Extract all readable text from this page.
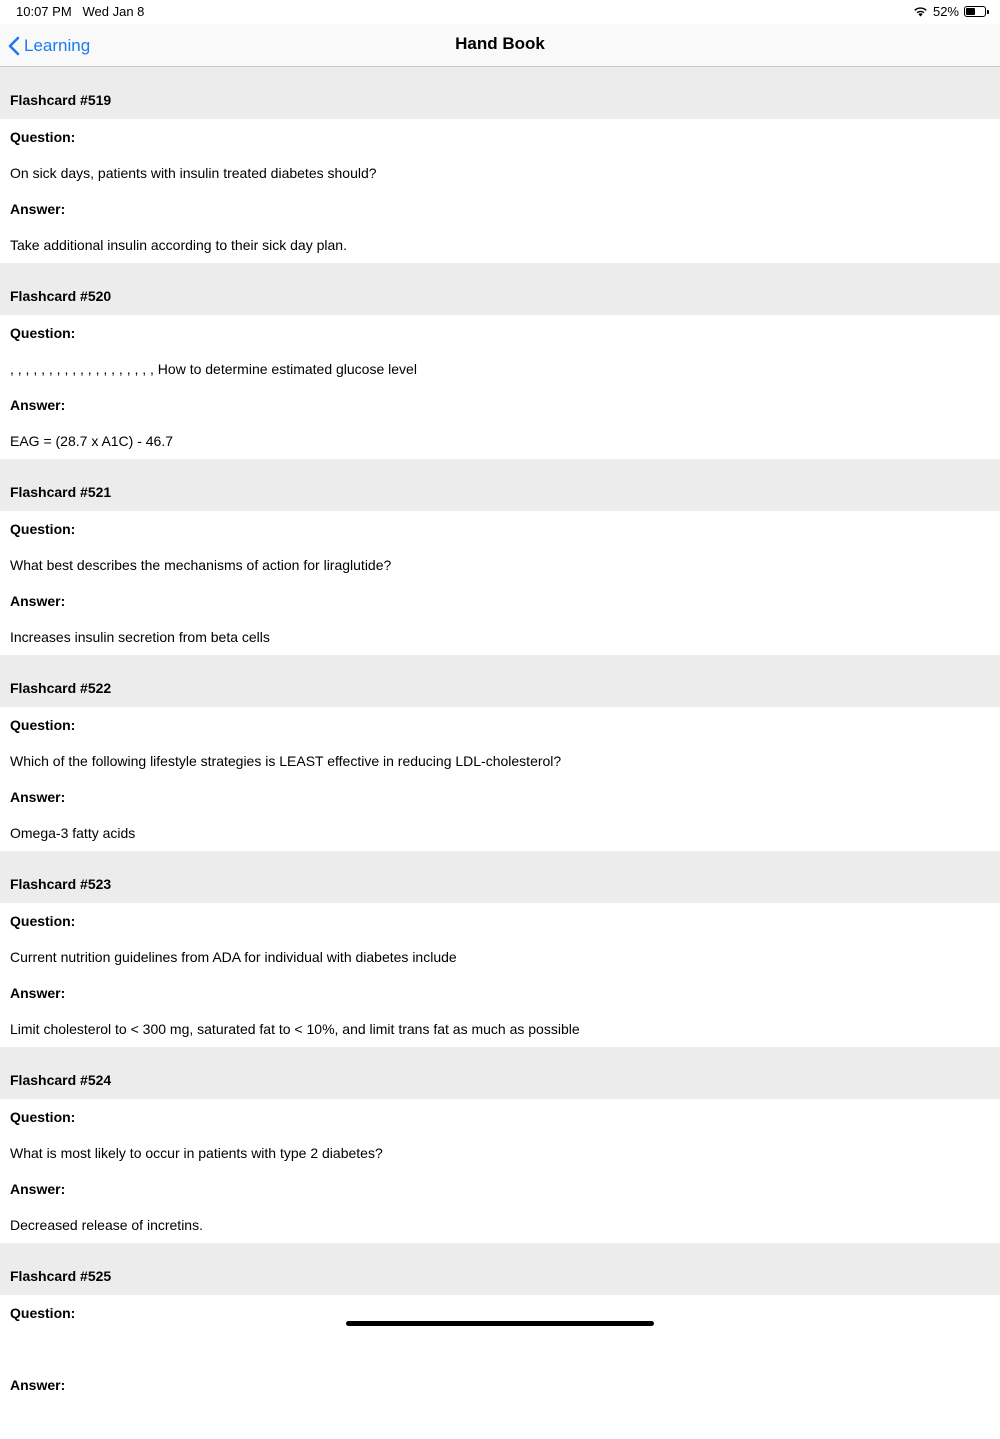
10:07 PM Wed Jan 8	52%
Learning	Hand Book
Flashcard #519
Question:
On sick days, patients with insulin treated diabetes should?
Answer:
Take additional insulin according to their sick day plan.
Flashcard #520
Question:
, , , , , , , , , , , , , , , , , , , How to determine estimated glucose level
Answer:
EAG = (28.7 x A1C) - 46.7
Flashcard #521
Question:
What best describes the mechanisms of action for liraglutide?
Answer:
Increases insulin secretion from beta cells
Flashcard #522
Question:
Which of the following lifestyle strategies is LEAST effective in reducing LDL-cholesterol?
Answer:
Omega-3 fatty acids
Flashcard #523
Question:
Current nutrition guidelines from ADA for individual with diabetes include
Answer:
Limit cholesterol to < 300 mg, saturated fat to < 10%, and limit trans fat as much as possible
Flashcard #524
Question:
What is most likely to occur in patients with type 2 diabetes?
Answer:
Decreased release of incretins.
Flashcard #525
Question:
Answer:
